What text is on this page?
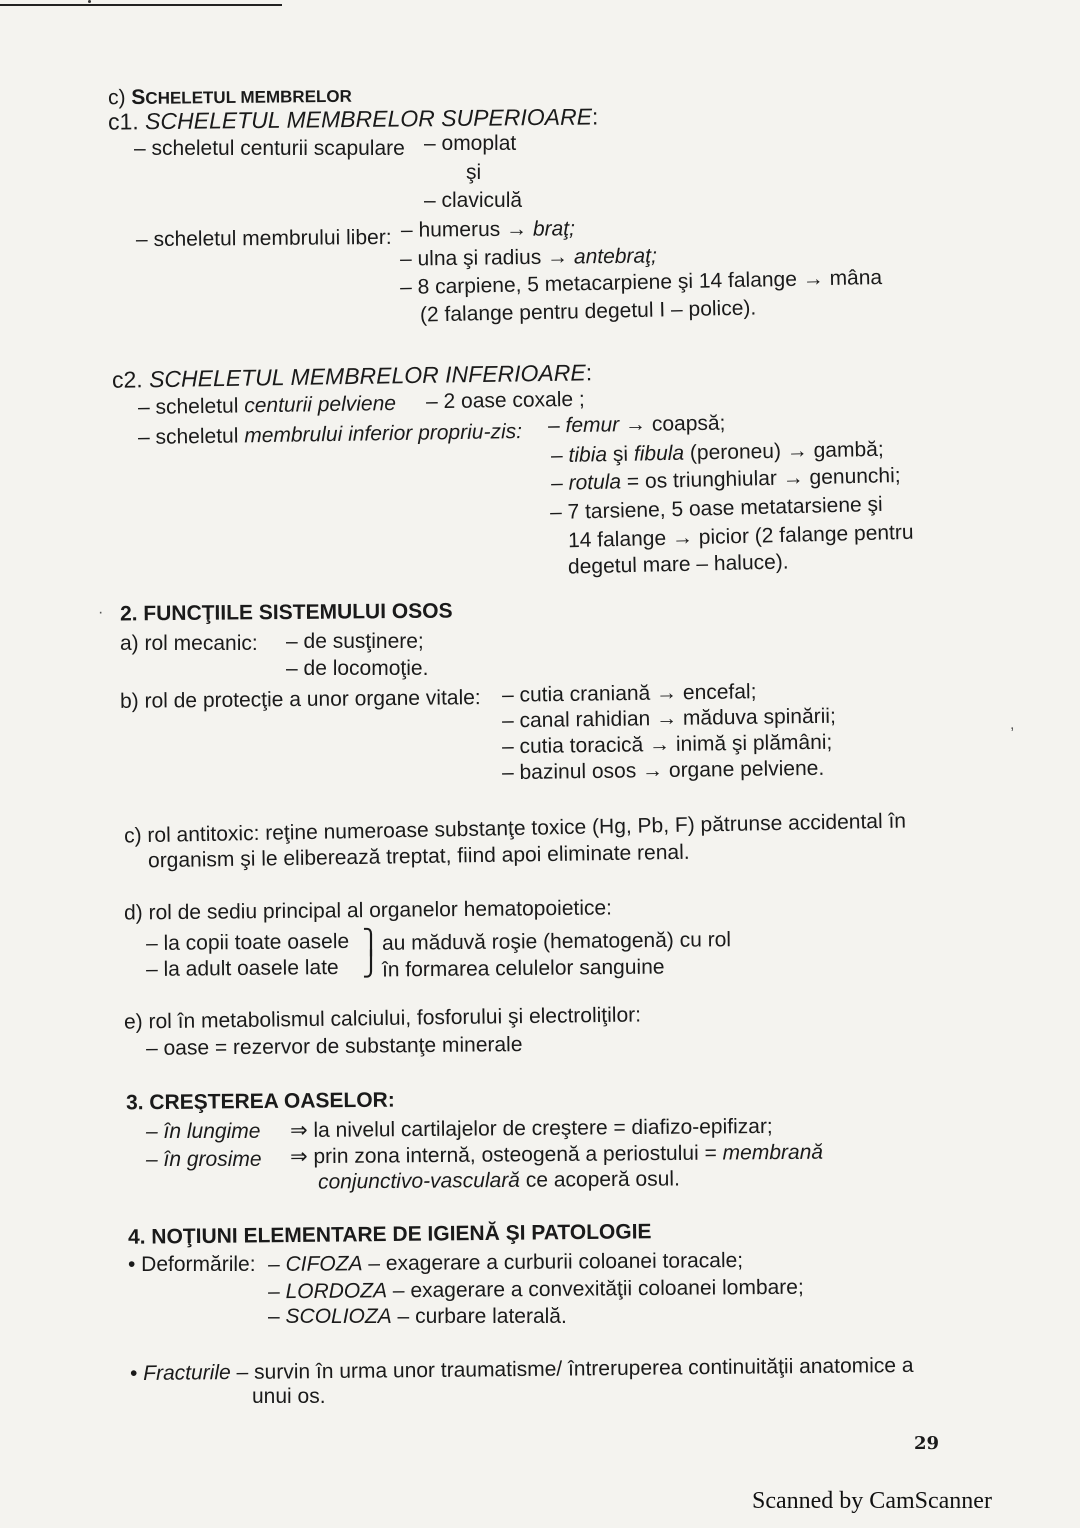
c) SCHELETUL MEMBRELOR
c1. SCHELETUL MEMBRELOR SUPERIOARE:
– scheletul centurii scapulare – omoplat
şi
– claviculă
– scheletul membrului liber: – humerus → braţ;
– ulna şi radius → antebraţ;
– 8 carpiene, 5 metacarpiene şi 14 falange → mâna
(2 falange pentru degetul I – police).
c2. SCHELETUL MEMBRELOR INFERIOARE:
– scheletul centurii pelviene – 2 oase coxale ;
– scheletul membrului inferior propriu-zis: – femur → coapsă;
– tibia şi fibula (peroneu) → gambă;
– rotula = os triunghiular → genunchi;
– 7 tarsiene, 5 oase metatarsiene şi
14 falange → picior (2 falange pentru
degetul mare – haluce).
· 2. FUNCŢIILE SISTEMULUI OSOS
a) rol mecanic: – de susţinere;
– de locomoţie.
b) rol de protecţie a unor organe vitale: – cutia craniană → encefal;
– canal rahidian → măduva spinării;
– cutia toracică → inimă şi plămâni;
– bazinul osos → organe pelviene.
,
c) rol antitoxic: reţine numeroase substanţe toxice (Hg, Pb, F) pătrunse accidental în
organism şi le eliberează treptat, fiind apoi eliminate renal.
d) rol de sediu principal al organelor hematopoietice:
– la copii toate oasele
– la adult oasele late
⎫
⎭
au măduvă roşie (hematogenă) cu rol
în formarea celulelor sanguine
e) rol în metabolismul calciului, fosforului şi electroliţilor:
– oase = rezervor de substanţe minerale
3. CREŞTEREA OASELOR:
– în lungime ⇒ la nivelul cartilajelor de creştere = diafizo-epifizar;
– în grosime ⇒ prin zona internă, osteogenă a periostului = membrană
conjunctivo-vasculară ce acoperă osul.
4. NOŢIUNI ELEMENTARE DE IGIENĂ ŞI PATOLOGIE
• Deformările: – CIFOZA – exagerare a curburii coloanei toracale;
– LORDOZA – exagerare a convexităţii coloanei lombare;
– SCOLIOZA – curbare laterală.
• Fracturile – survin în urma unor traumatisme/ întreruperea continuităţii anatomice a
unui os.
29
Scanned by CamScanner
